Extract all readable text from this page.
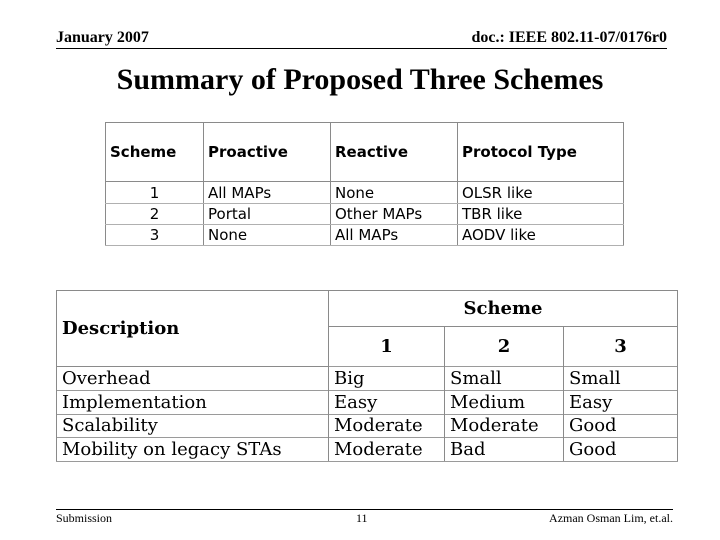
January 2007	doc.: IEEE 802.11-07/0176r0
Summary of Proposed Three Schemes
Scheme	Proactive	Reactive	Protocol Type
1	All MAPs	None	OLSR like
2	Portal	Other MAPs	TBR like
3	None	All MAPs	AODV like
Description	Scheme		
	1	2	3
Overhead	Big	Small	Small
Implementation	Easy	Medium	Easy
Scalability	Moderate	Moderate	Good
Mobility on legacy STAs	Moderate	Bad	Good
Submission	11	Azman Osman Lim, et.al.
